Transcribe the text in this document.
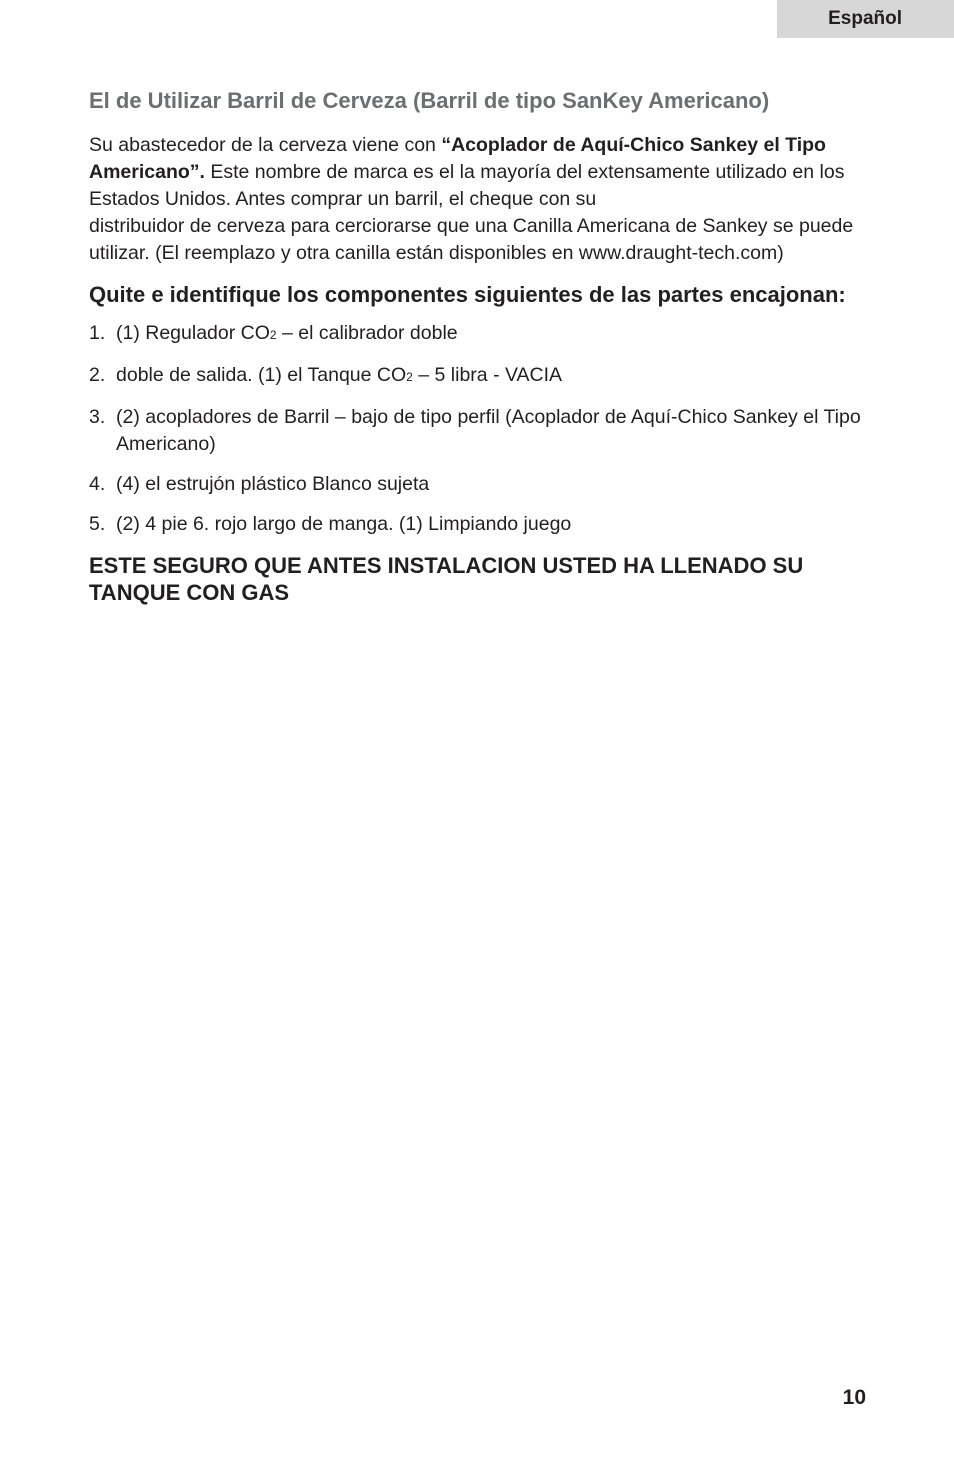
Español
El de Utilizar Barril de Cerveza (Barril de tipo SanKey Americano)

Su abastecedor de la cerveza viene con “Acoplador de Aquí-Chico Sankey el Tipo Americano”. Este nombre de marca es el la mayoría del extensamente utilizado en los Estados Unidos. Antes comprar un barril, el cheque con su

distribuidor de cerveza para cerciorarse que una Canilla Americana de Sankey se puede utilizar. (El reemplazo y otra canilla están disponibles en www.draught-tech.com)

Quite e identifique los componentes siguientes de las partes encajonan:
1. (1) Regulador CO2 – el calibrador doble
2. doble de salida. (1) el Tanque CO2 – 5 libra - VACIA
3. (2) acopladores de Barril – bajo de tipo perfil (Acoplador de Aquí-Chico Sankey el Tipo Americano)
4. (4) el estrujón plástico Blanco sujeta
5. (2) 4 pie 6. rojo largo de manga. (1) Limpiando juego
ESTE SEGURO QUE ANTES INSTALACION USTED HA LLENADO SU TANQUE CON GAS
10
